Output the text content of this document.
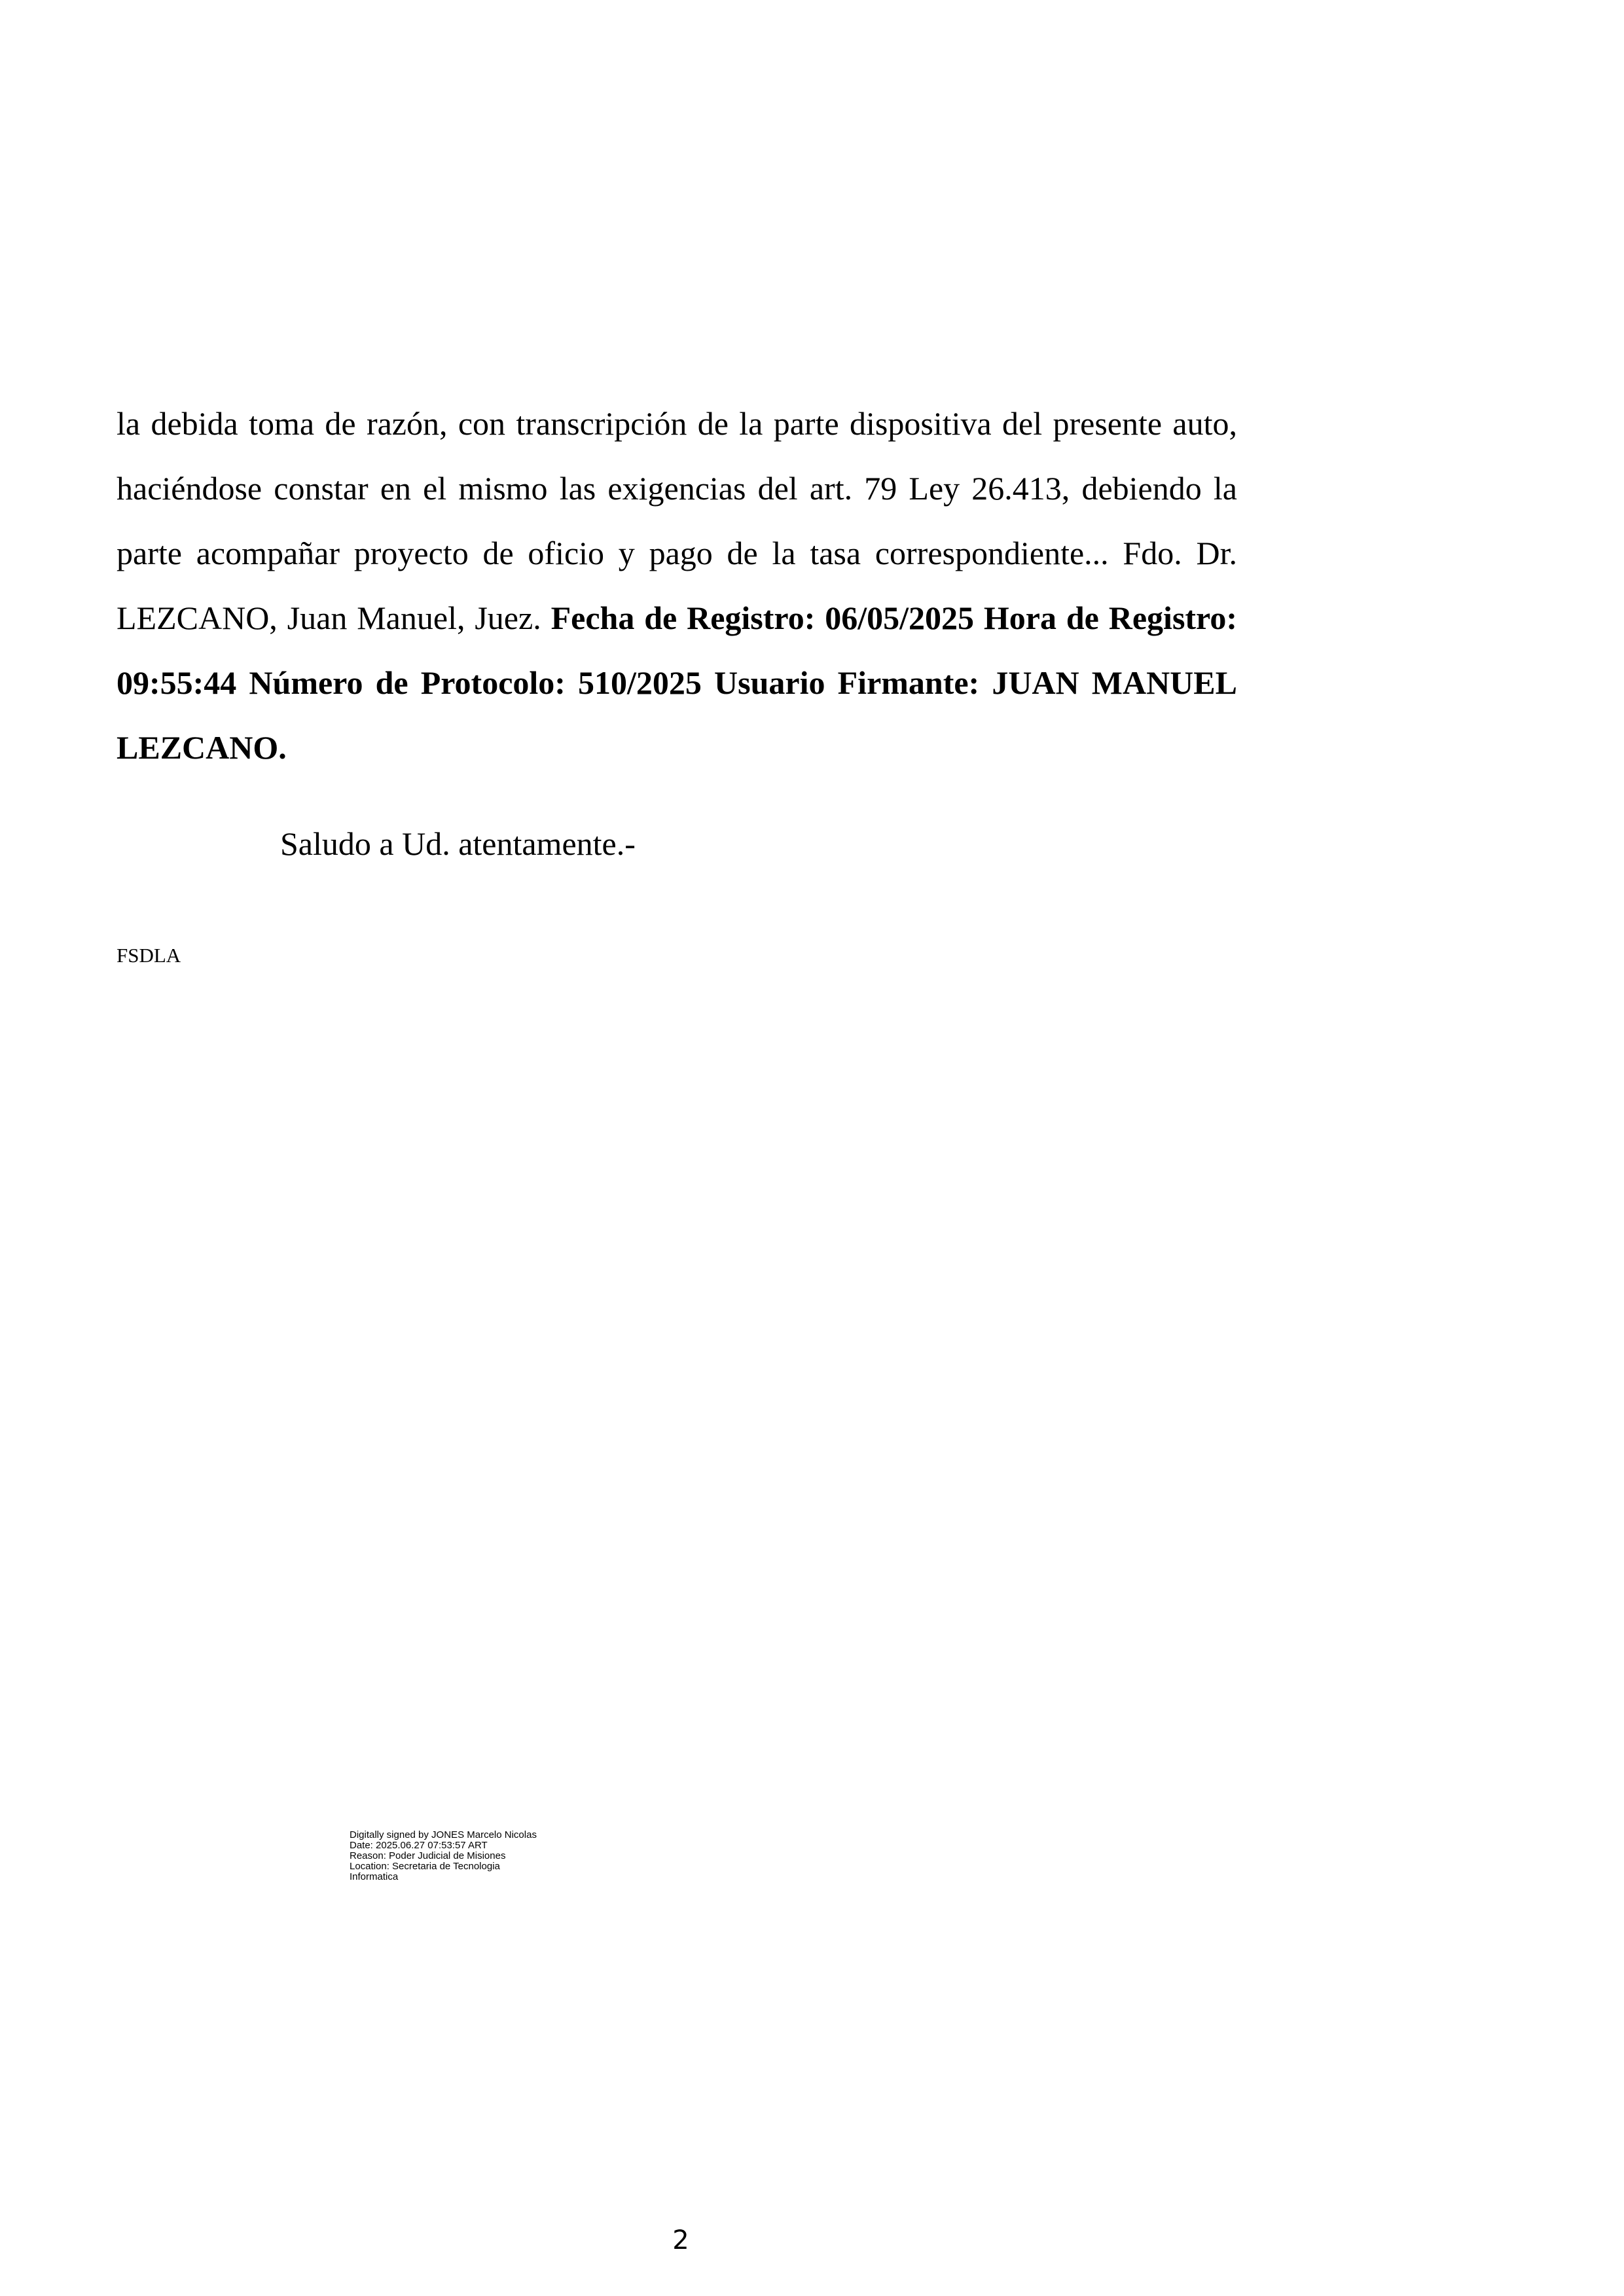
la debida toma de razón, con transcripción de la parte dispositiva del presente auto, haciéndose constar en el mismo las exigencias del art. 79 Ley 26.413, debiendo la parte acompañar proyecto de oficio y pago de la tasa correspondiente... Fdo. Dr. LEZCANO, Juan Manuel, Juez. Fecha de Registro: 06/05/2025 Hora de Registro: 09:55:44 Número de Protocolo: 510/2025 Usuario Firmante: JUAN MANUEL LEZCANO.

Saludo a Ud. atentamente.-
FSDLA
Digitally signed by JONES Marcelo Nicolas
Date: 2025.06.27 07:53:57 ART
Reason: Poder Judicial de Misiones
Location: Secretaria de Tecnologia
Informatica
2
